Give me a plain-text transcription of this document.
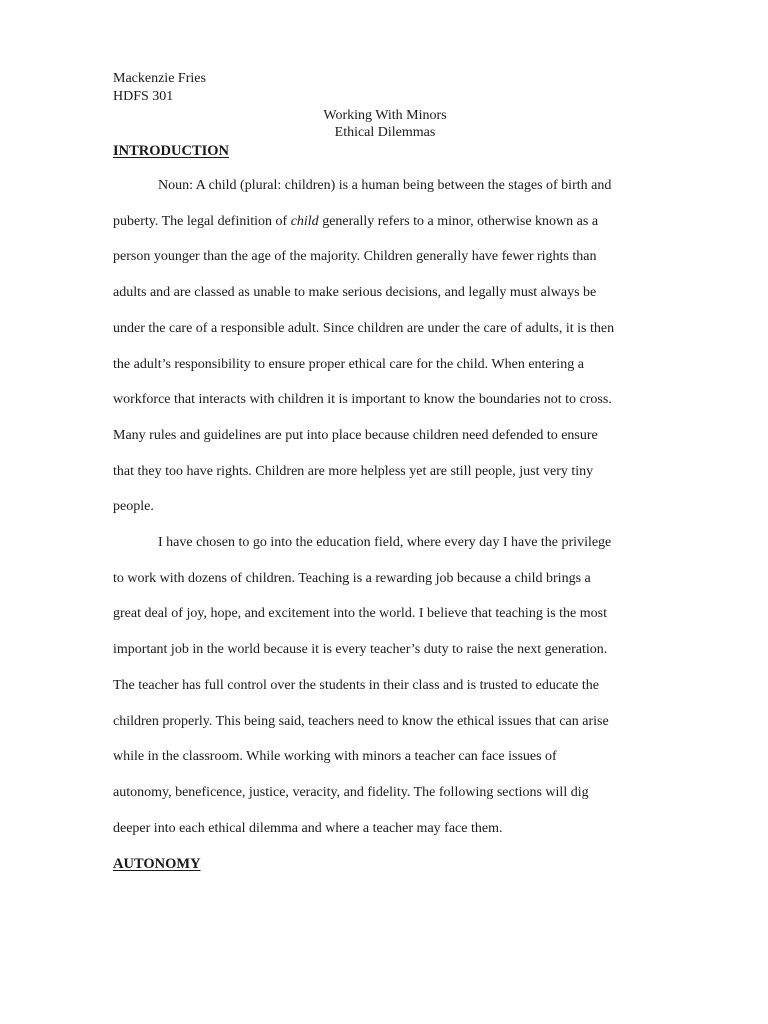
Mackenzie Fries
HDFS 301
Working With Minors
Ethical Dilemmas
INTRODUCTION
Noun: A child (plural: children) is a human being between the stages of birth and
puberty. The legal definition of child generally refers to a minor, otherwise known as a
person younger than the age of the majority. Children generally have fewer rights than
adults and are classed as unable to make serious decisions, and legally must always be
under the care of a responsible adult. Since children are under the care of adults, it is then
the adult’s responsibility to ensure proper ethical care for the child. When entering a
workforce that interacts with children it is important to know the boundaries not to cross.
Many rules and guidelines are put into place because children need defended to ensure
that they too have rights. Children are more helpless yet are still people, just very tiny
people.
I have chosen to go into the education field, where every day I have the privilege
to work with dozens of children. Teaching is a rewarding job because a child brings a
great deal of joy, hope, and excitement into the world. I believe that teaching is the most
important job in the world because it is every teacher’s duty to raise the next generation.
The teacher has full control over the students in their class and is trusted to educate the
children properly. This being said, teachers need to know the ethical issues that can arise
while in the classroom. While working with minors a teacher can face issues of
autonomy, beneficence, justice, veracity, and fidelity. The following sections will dig
deeper into each ethical dilemma and where a teacher may face them.
AUTONOMY
